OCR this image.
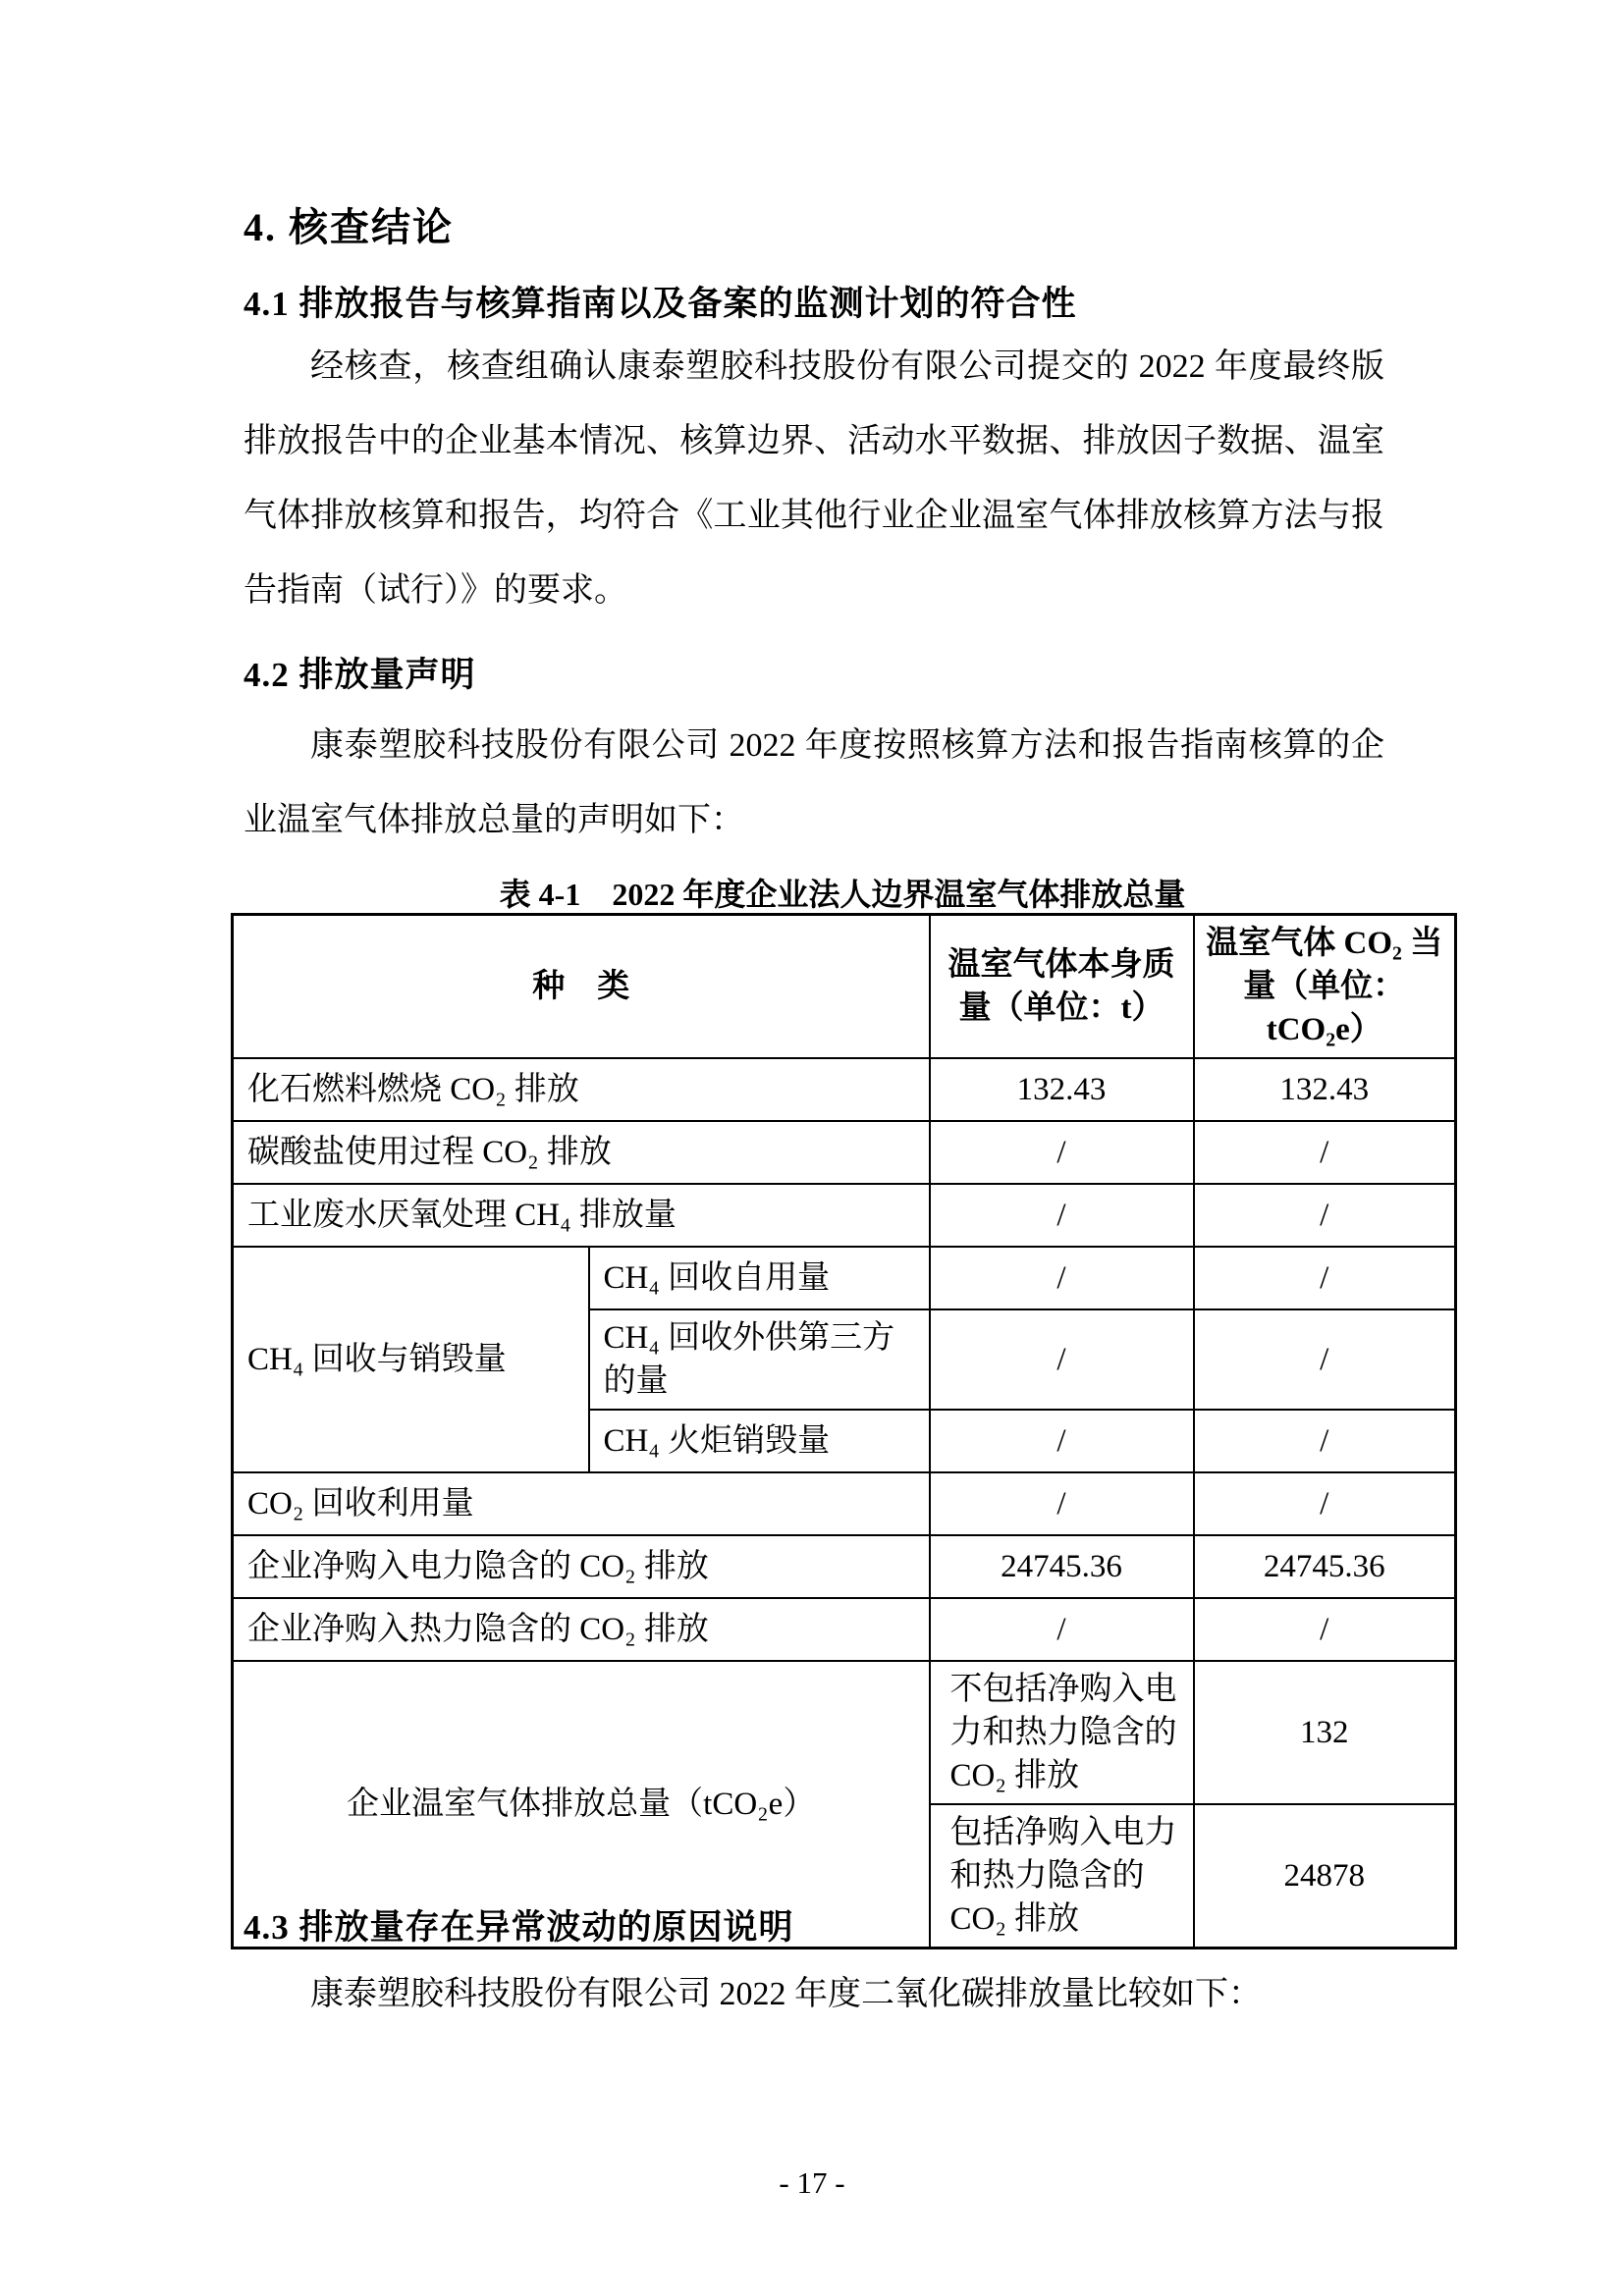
4. 核查结论
4.1 排放报告与核算指南以及备案的监测计划的符合性
经核查，核查组确认康泰塑胶科技股份有限公司提交的 2022 年度最终版排放报告中的企业基本情况、核算边界、活动水平数据、排放因子数据、温室气体排放核算和报告，均符合《工业其他行业企业温室气体排放核算方法与报告指南（试行）》的要求。
4.2 排放量声明
康泰塑胶科技股份有限公司 2022 年度按照核算方法和报告指南核算的企业温室气体排放总量的声明如下：
表 4-1　2022 年度企业法人边界温室气体排放总量
种　类		温室气体本身质量（单位：t）	温室气体 CO₂ 当量（单位：tCO₂e）
化石燃料燃烧 CO₂ 排放		132.43	132.43
碳酸盐使用过程 CO₂ 排放		/	/
工业废水厌氧处理 CH₄ 排放量		/	/
CH₄ 回收与销毁量	CH₄ 回收自用量	/	/
	CH₄ 回收外供第三方的量	/	/
	CH₄ 火炬销毁量	/	/
CO₂ 回收利用量		/	/
企业净购入电力隐含的 CO₂ 排放		24745.36	24745.36
企业净购入热力隐含的 CO₂ 排放		/	/
企业温室气体排放总量（tCO₂e）		不包括净购入电力和热力隐含的 CO₂ 排放	132
		包括净购入电力和热力隐含的 CO₂ 排放	24878
4.3 排放量存在异常波动的原因说明
康泰塑胶科技股份有限公司 2022 年度二氧化碳排放量比较如下：
- 17 -
